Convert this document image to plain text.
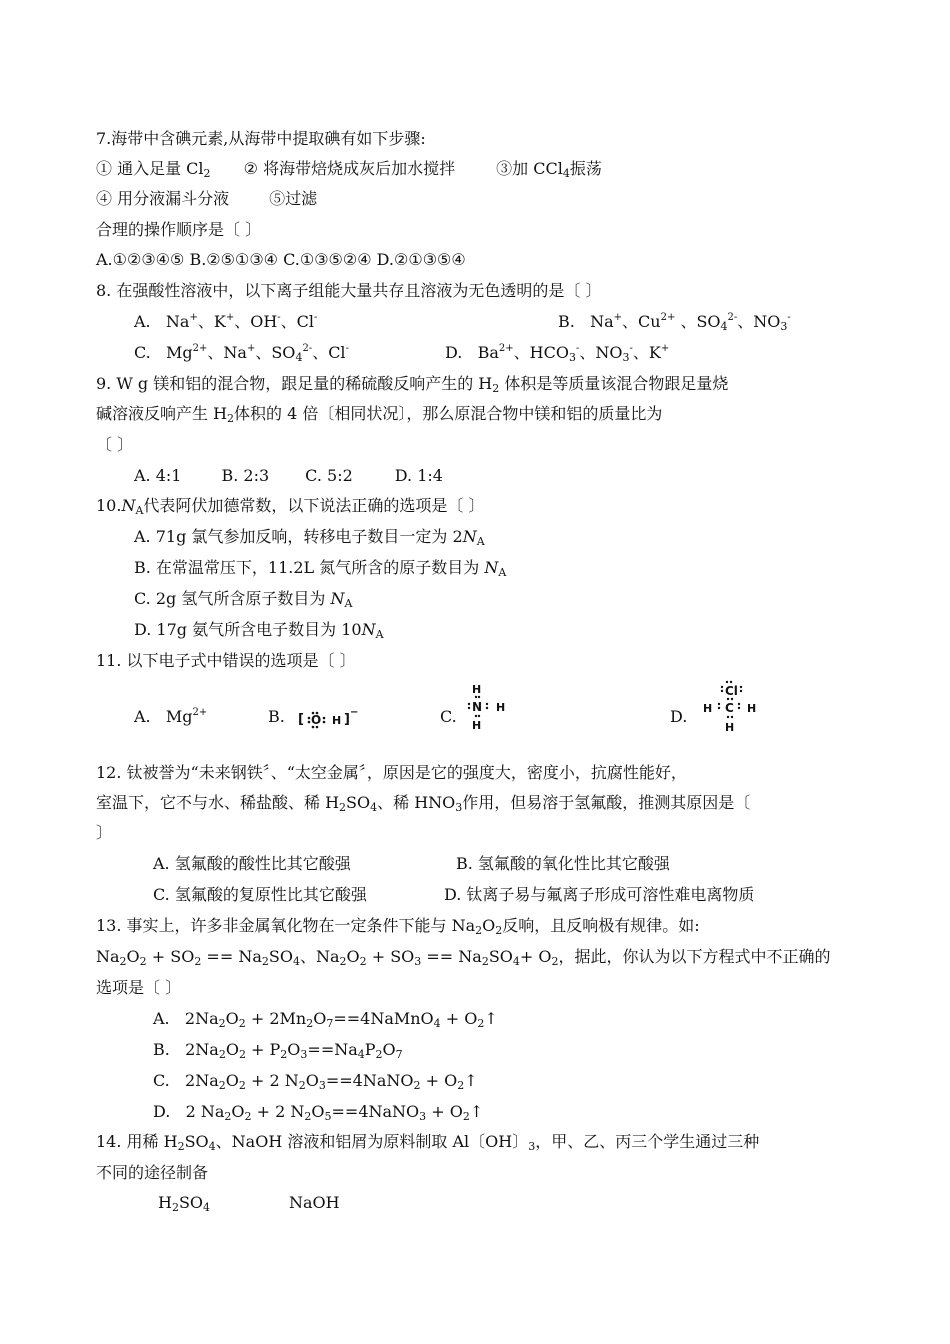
7.海带中含碘元素,从海带中提取碘有如下步骤:
① 通入足量 $Cl_2$ ② 将海带焙烧成灰后加水搅拌	③加 CCl$_4$振荡
④ 用分液漏斗分液	⑤过滤
合理的操作顺序是〔 〕
A.①②③④⑤ B.②⑤①③④ C.①③⑤②④ D.②①③⑤④
8. 在强酸性溶液中，以下离子组能大量共存且溶液为无色透明的是〔 〕
A. Na+、K+、OH-、Cl-	B. Na+、$Cu^{2+}$ 、$SO_4^{2-}$、$NO_3^-$
C. $Mg^{2+}$、Na+、$SO_4^{2-}$、Cl-	D. $Ba^{2+}$、$HCO_3^-$、$NO_3^-$、K+
9. W g 镁和铝的混合物，跟足量的稀硫酸反响产生的 $H_2$ 体积是等质量该混合物跟足量烧
碱溶液反响产生 $H_2$体积的 4 倍〔相同状况〕，那么原混合物中镁和铝的质量比为
〔 〕
A. 4:1	B. 2:3 C. 5:2	D. 1:4
$10.N_A$代表阿伏加德常数，以下说法正确的选项是〔 〕
A. 71g 氯气参加反响，转移电子数目一定为 $2N_A$
B. 在常温常压下，11.2L 氮气所含的原子数目为 $N_A$
C. 2g 氢气所含原子数目为 $N_A$
D. 17g 氨气所含电子数目为 $10N_A$
11. 以下电子式中错误的选项是〔 〕
A. $Mg^{2+}$	B. [ O H ] −	C.
H
N H
H	D.
Cl
H C H
H
12. 钛被誉为“未来钢铁〞、“太空金属〞，原因是它的强度大，密度小，抗腐性能好，
室温下，它不与水、稀盐酸、稀 $H_2SO_4$、稀 $HNO_3$作用，但易溶于氢氟酸，推测其原因是〔
〕
A. 氢氟酸的酸性比其它酸强	B. 氢氟酸的氧化性比其它酸强
C. 氢氟酸的复原性比其它酸强	D. 钛离子易与氟离子形成可溶性难电离物质
13. 事实上，许多非金属氧化物在一定条件下能与 $Na_2O_2$反响，且反响极有规律。如:
$Na_2O_2 + SO_2 == Na_2SO_4$、$Na_2O_2 + SO_3 == Na_2SO_4+ O_2$，据此，你认为以下方程式中不正确的
选项是〔 〕
A. $2Na_2O_2$ + $2Mn_2O_7==4NaMnO_4$ + $O_2↑$
B. $2Na_2O_2 + P_2O_3==Na_4P_2O_7$
C. $2Na_2O_2 + 2$ $N_2O_3==4NaNO_2$ + $O_2↑$
D. 2 $Na_2O_2 + 2$ $N_2O_5==4NaNO_3$ + $O_2↑$
14. 用稀 $H_2SO_4$、NaOH 溶液和铝屑为原料制取 Al〔OH〕$_3$，甲、乙、丙三个学生通过三种
不同的途径制备
$H_2SO_4$	NaOH
